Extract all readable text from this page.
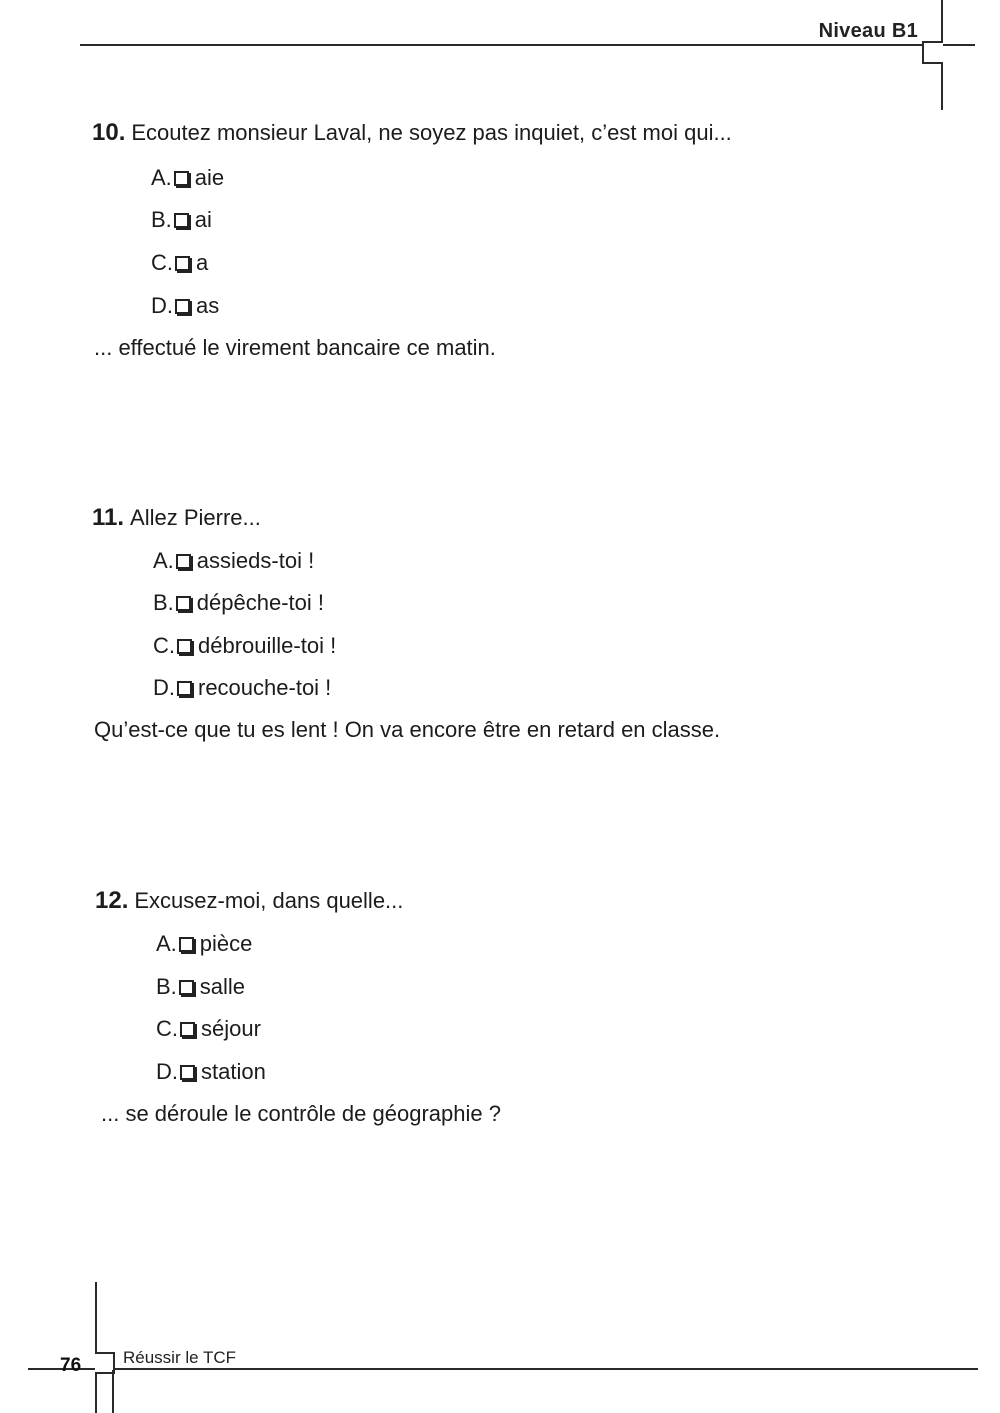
Niveau B1
10. Ecoutez monsieur Laval, ne soyez pas inquiet, c’est moi qui...
A. aie
B. ai
C. a
D. as
... effectué le virement bancaire ce matin.
11. Allez Pierre...
A. assieds-toi !
B. dépêche-toi !
C. débrouille-toi !
D. recouche-toi !
Qu’est-ce que tu es lent ! On va encore être en retard en classe.
12. Excusez-moi, dans quelle...
A. pièce
B. salle
C. séjour
D. station
... se déroule le contrôle de géographie ?
76 Réussir le TCF
